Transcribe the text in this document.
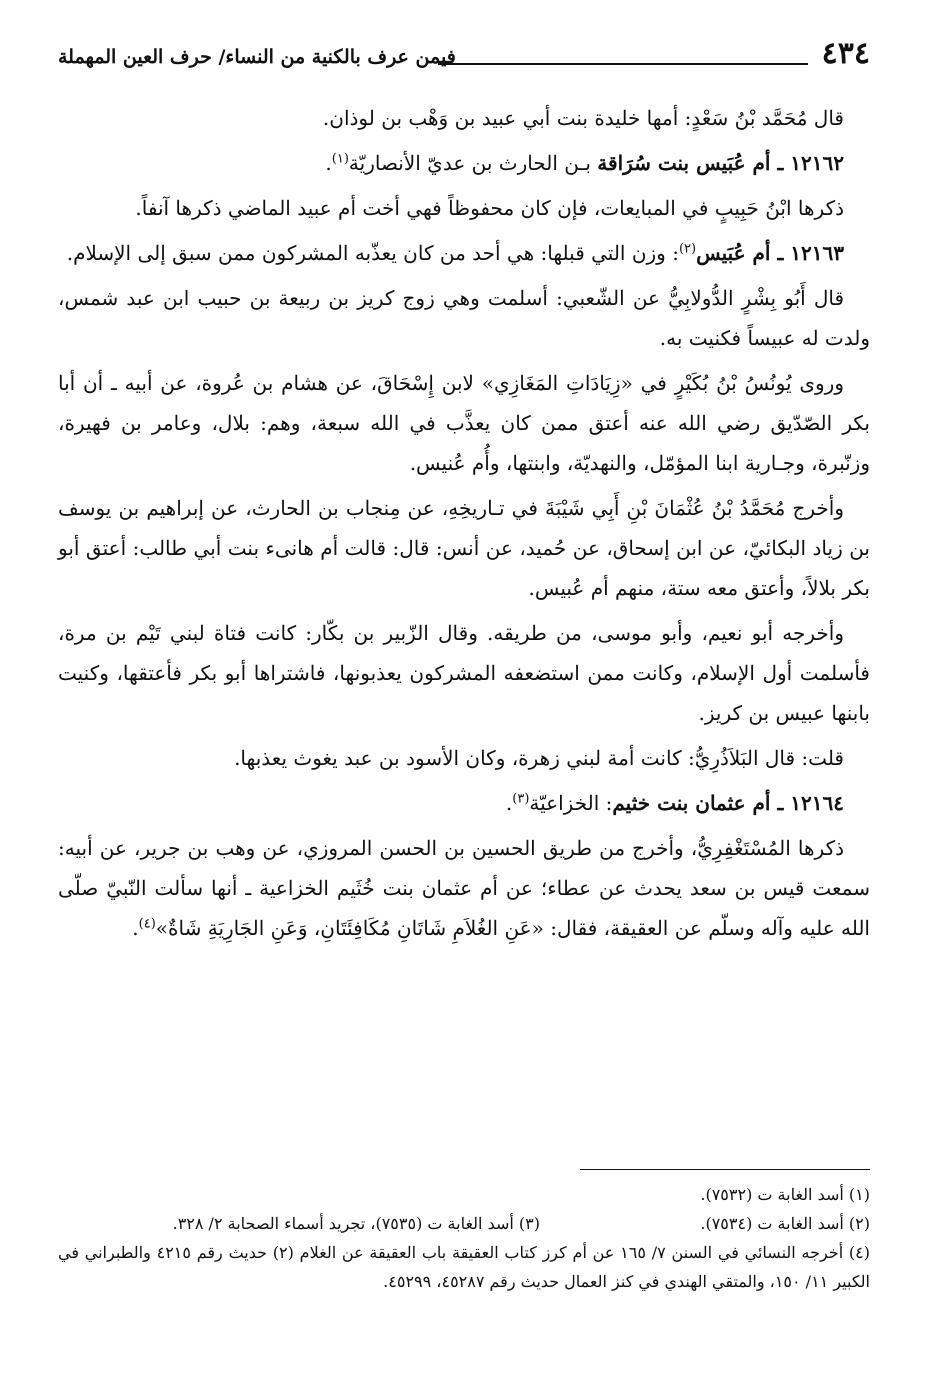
٤٣٤
فيمن عرف بالكنية من النساء/ حرف العين المهملة

قال مُحَمَّد بْنُ سَعْدٍ: أمها خليدة بنت أبي عبيد بن وَهْب بن لوذان.

١٢١٦٢ ـ أم عُبَيس بنت سُرَاقة بـن الحارث بن عديّ الأنصاريّة$^{(١)}$.

ذكرها ابْنُ حَبِيبٍ في المبايعات، فإن كان محفوظاً فهي أخت أم عبيد الماضي ذكرها آنفاً.

١٢١٦٣ ـ أم عُبَيس$^{(٢)}$: وزن التي قبلها: هي أحد من كان يعذّبه المشركون ممن سبق إلى الإسلام.

قال أَبُو بِشْرٍ الدُّولابِيُّ عن الشّعبي: أسلمت وهي زوج كريز بن ربيعة بن حبيب ابن عبد شمس، ولدت له عبيساً فكنيت به.

وروى يُونُسُ بْنُ بُكَيْرٍ في «زِيَادَاتِ المَغَازِي» لابن إِسْحَاقَ، عن هشام بن عُروة، عن أبيه ـ أن أبا بكر الصّدّيق رضي الله عنه أعتق ممن كان يعذَّب في الله سبعة، وهم: بلال، وعامر بن فهيرة، وزنّبرة، وجـارية ابنا المؤمّل، والنهديّة، وابنتها، وأُم عُنيس.

وأخرج مُحَمَّدُ بْنُ عُثْمَانَ بْنِ أَبِي شَيْبَةَ في تـاريخِهِ، عن مِنجاب بن الحارث، عن إبراهيم بن يوسف بن زياد البكائيّ، عن ابن إسحاق، عن حُميد، عن أنس: قال: قالت أم هانىء بنت أبي طالب: أعتق أبو بكر بلالاً، وأعتق معه ستة، منهم أم عُبيس.

وأخرجه أبو نعيم، وأبو موسى، من طريقه. وقال الزّبير بن بكّار: كانت فتاة لبني تَيْم بن مرة، فأسلمت أول الإسلام، وكانت ممن استضعفه المشركون يعذبونها، فاشتراها أبو بكر فأعتقها، وكنيت بابنها عبيس بن كريز.

قلت: قال البَلاَذُرِيُّ: كانت أمة لبني زهرة، وكان الأسود بن عبد يغوث يعذبها.

١٢١٦٤ ـ أم عثمان بنت خثيم: الخزاعيّة$^{(٣)}$.

ذكرها المُسْتَغْفِرِيُّ، وأخرج من طريق الحسين بن الحسن المروزي، عن وهب بن جرير، عن أبيه: سمعت قيس بن سعد يحدث عن عطاء؛ عن أم عثمان بنت خُثَيم الخزاعية ـ أنها سألت النّبيّ صلّى الله عليه وآله وسلّم عن العقيقة، فقال: «عَنِ الغُلاَمِ شَاتَانِ مُكَافِئَتَانِ، وَعَنِ الجَارِيَةِ شَاةٌ»$^{(٤)}$.

(١) أسد الغابة ت (٧٥٣٢).
(٢) أسد الغابة ت (٧٥٣٤).
(٣) أسد الغابة ت (٧٥٣٥)، تجريد أسماء الصحابة ٢/ ٣٢٨.
(٤) أخرجه النسائي في السنن ٧/ ١٦٥ عن أم كرز كتاب العقيقة باب العقيقة عن الغلام (٢) حديث رقم ٤٢١٥ والطبراني في الكبير ١١/ ١٥٠، والمتقي الهندي في كنز العمال حديث رقم ٤٥٢٨٧، ٤٥٢٩٩.
